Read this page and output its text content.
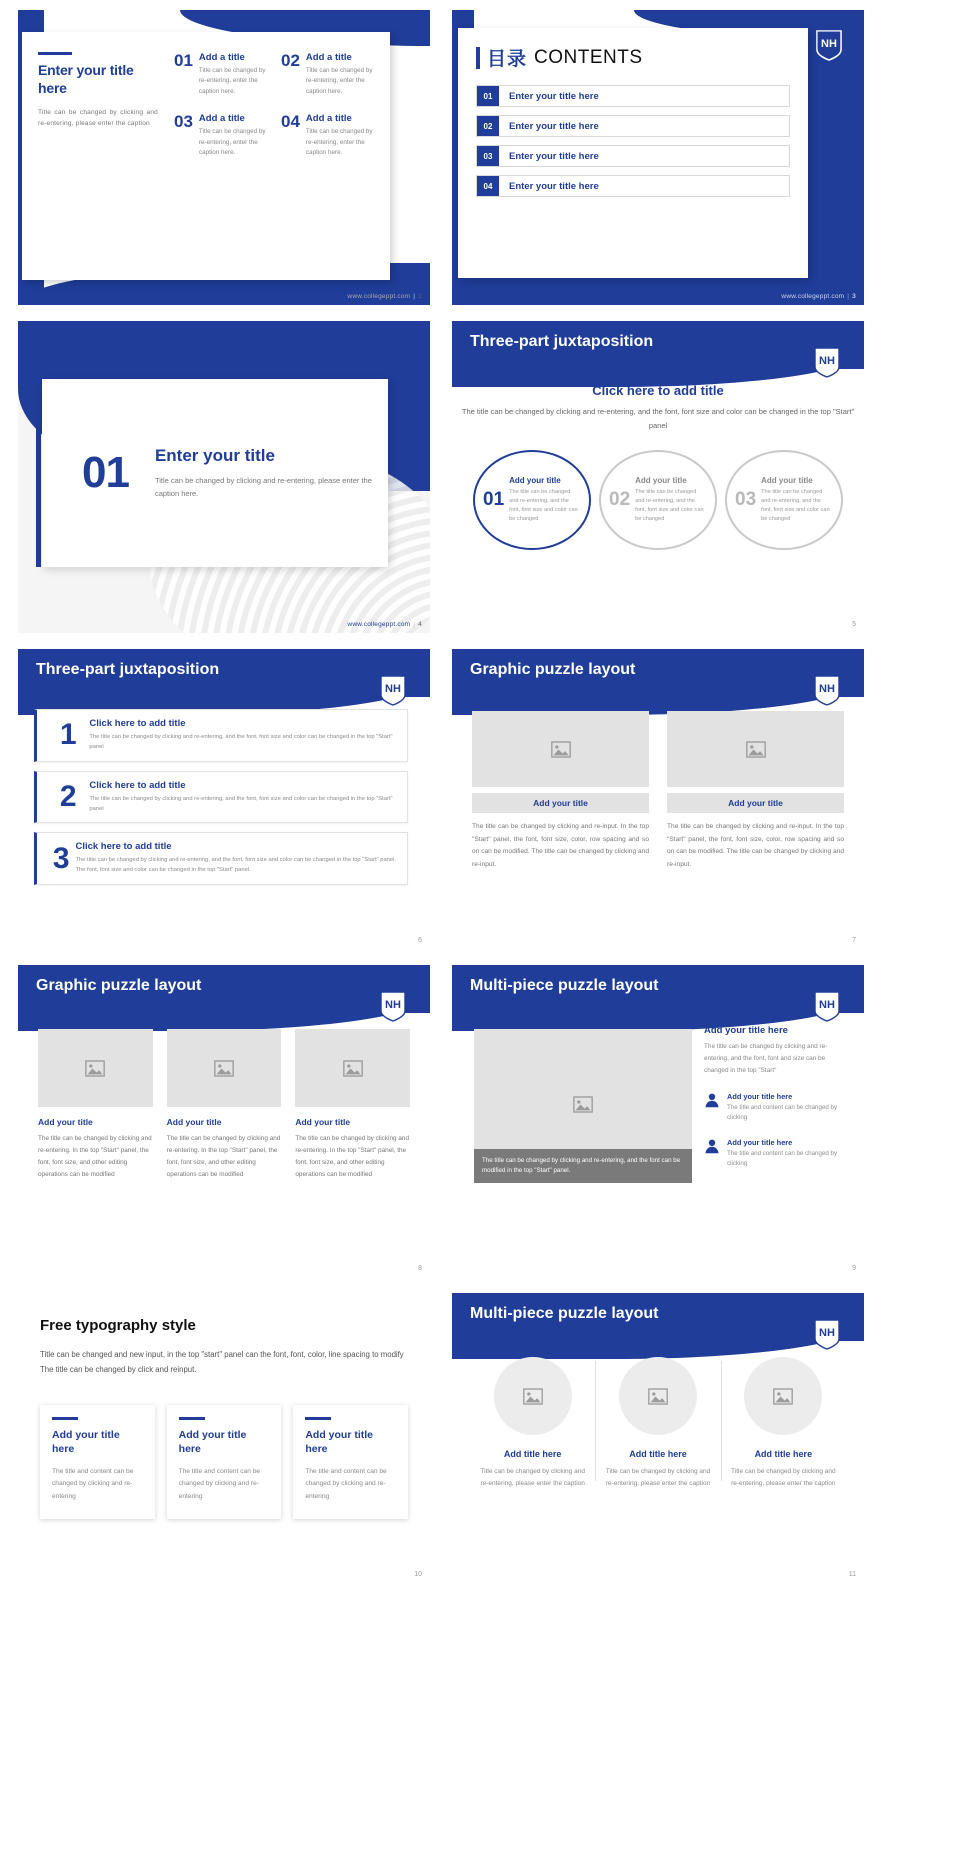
Enter your title here
Title can be changed by clicking and re-entering, please enter the caption
01 Add a title
Title can be changed by re-entering, enter the caption here.
02 Add a title
Title can be changed by re-entering, enter the caption here.
03 Add a title
Title can be changed by re-entering, enter the caption here.
04 Add a title
Title can be changed by re-entering, enter the caption here.
www.collegeppt.com | 2
NH
目录 CONTENTS
01	Enter your title here
02	Enter your title here
03	Enter your title here
04	Enter your title here
www.collegeppt.com | 3
01 Enter your title
Title can be changed by clicking and re-entering, please enter the caption here.
www.collegeppt.com | 4
Three-part juxtaposition
NH
Click here to add title
The title can be changed by clicking and re-entering, and the font, font size and color can be changed in the top "Start" panel
01
Add your title
The title can be changed and re-entering, and the font, font size and color can be changed
02
Add your title
The title can be changed and re-entering, and the font, font size and color can be changed
03
Add your title
The title can be changed and re-entering, and the font, font size and color can be changed
5
Three-part juxtaposition
NH
1	Click here to add title
The title can be changed by clicking and re-entering, and the font, font size and color can be changed in the top "Start" panel
2	Click here to add title
The title can be changed by clicking and re-entering, and the font, font size and color can be changed in the top "Start" panel
3 Click here to add title
The title can be changed by clicking and re-entering, and the font, font size and color can be changed in the top "Start" panel. The font, font size and color can be changed in the top "Start" panel.
6
Graphic puzzle layout
NH
Add your title
The title can be changed by clicking and re-input. In the top "Start" panel, the font, font size, color, row spacing and so on can be modified. The title can be changed by clicking and re-input.
Add your title
The title can be changed by clicking and re-input. In the top "Start" panel, the font, font size, color, row spacing and so on can be modified. The title can be changed by clicking and re-input.
7
Graphic puzzle layout
NH
Add your title
The title can be changed by clicking and re-entering. In the top "Start" panel, the font, font size, and other editing operations can be modified
Add your title
The title can be changed by clicking and re-entering. In the top "Start" panel, the font, font size, and other editing operations can be modified
Add your title
The title can be changed by clicking and re-entering. In the top "Start" panel, the font, font size, and other editing operations can be modified
8
Multi-piece puzzle layout
NH
The title can be changed by clicking and re-entering, and the font can be modified in the top "Start" panel.
Add your title here
The title can be changed by clicking and re-entering, and the font, font and size can be changed in the top "Start"
Add your title here
The title and content can be changed by clicking
Add your title here
The title and content can be changed by clicking
9
Free typography style
Title can be changed and new input, in the top "start" panel can the font, font, color, line spacing to modify The title can be changed by click and reinput.
Add your title here
The title and content can be changed by clicking and re-entering
Add your title here
The title and content can be changed by clicking and re-entering
Add your title here
The title and content can be changed by clicking and re-entering
10
Multi-piece puzzle layout
NH
Add title here
Title can be changed by clicking and re-entering, please enter the caption
Add title here
Title can be changed by clicking and re-entering, please enter the caption
Add title here
Title can be changed by clicking and re-entering, please enter the caption
11
